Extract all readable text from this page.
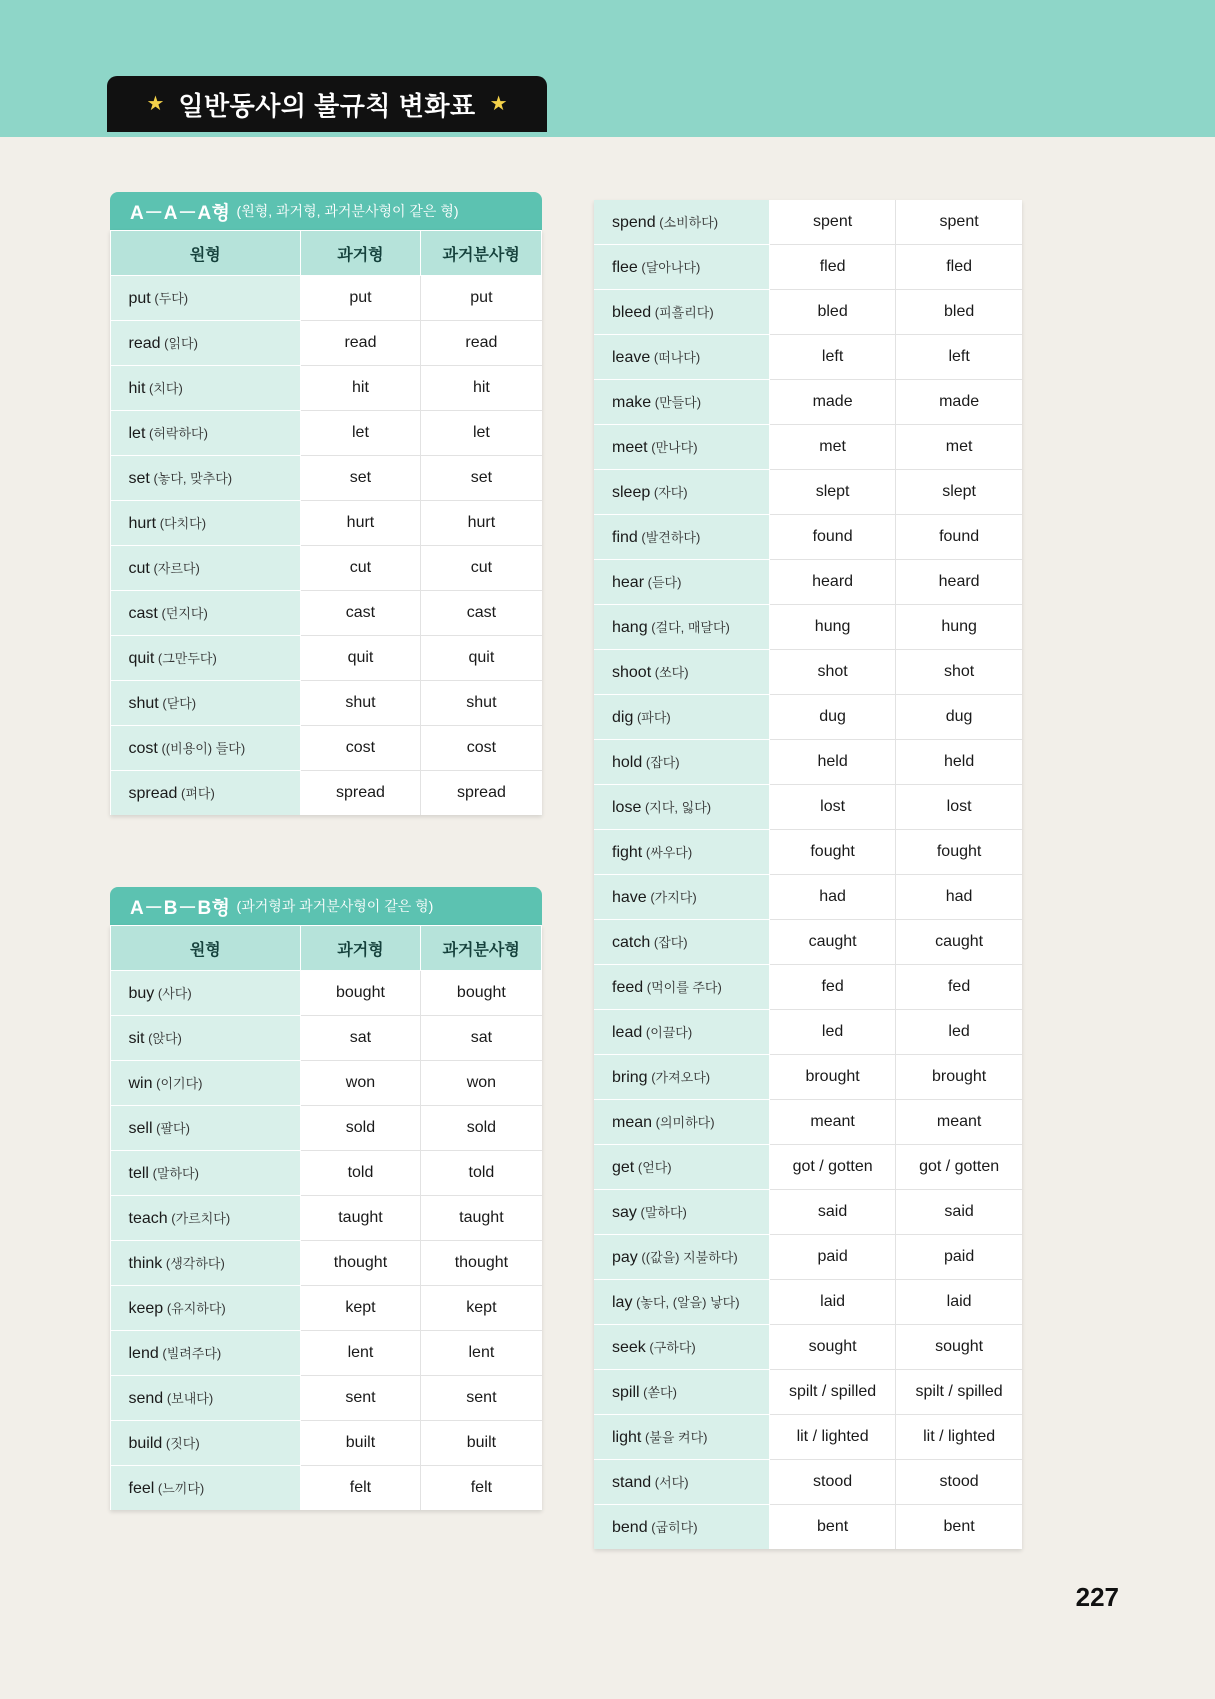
★ 일반동사의 불규칙 변화표 ★
A－A－A형 (원형, 과거형, 과거분사형이 같은 형)
원형	과거형	과거분사형
put (두다)	put	put
read (읽다)	read	read
hit (치다)	hit	hit
let (허락하다)	let	let
set (놓다, 맞추다)	set	set
hurt (다치다)	hurt	hurt
cut (자르다)	cut	cut
cast (던지다)	cast	cast
quit (그만두다)	quit	quit
shut (닫다)	shut	shut
cost ((비용이) 들다)	cost	cost
spread (펴다)	spread	spread
A－B－B형 (과거형과 과거분사형이 같은 형)
원형	과거형	과거분사형
buy (사다)	bought	bought
sit (앉다)	sat	sat
win (이기다)	won	won
sell (팔다)	sold	sold
tell (말하다)	told	told
teach (가르치다)	taught	taught
think (생각하다)	thought	thought
keep (유지하다)	kept	kept
lend (빌려주다)	lent	lent
send (보내다)	sent	sent
build (짓다)	built	built
feel (느끼다)	felt	felt
spend (소비하다)	spent	spent
flee (달아나다)	fled	fled
bleed (피흘리다)	bled	bled
leave (떠나다)	left	left
make (만들다)	made	made
meet (만나다)	met	met
sleep (자다)	slept	slept
find (발견하다)	found	found
hear (듣다)	heard	heard
hang (걸다, 매달다)	hung	hung
shoot (쏘다)	shot	shot
dig (파다)	dug	dug
hold (잡다)	held	held
lose (지다, 잃다)	lost	lost
fight (싸우다)	fought	fought
have (가지다)	had	had
catch (잡다)	caught	caught
feed (먹이를 주다)	fed	fed
lead (이끌다)	led	led
bring (가져오다)	brought	brought
mean (의미하다)	meant	meant
get (얻다)	got / gotten	got / gotten
say (말하다)	said	said
pay ((값을) 지불하다)	paid	paid
lay (놓다, (알을) 낳다)	laid	laid
seek (구하다)	sought	sought
spill (쏟다)	spilt / spilled	spilt / spilled
light (불을 켜다)	lit / lighted	lit / lighted
stand (서다)	stood	stood
bend (굽히다)	bent	bent
227
